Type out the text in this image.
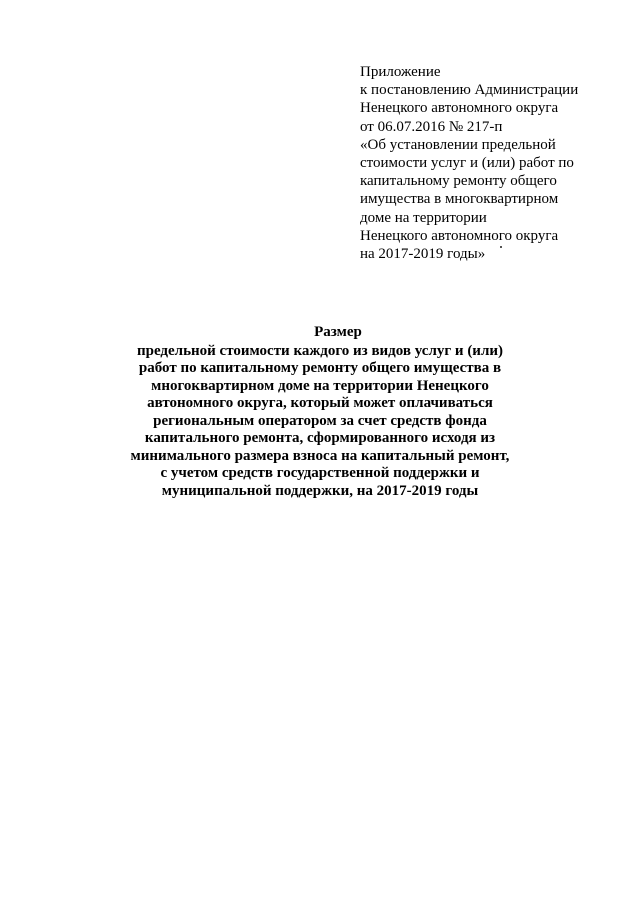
Приложение
к постановлению Администрации
Ненецкого автономного округа
от 06.07.2016 № 217-п
«Об установлении предельной
стоимости услуг и (или) работ по
капитальному ремонту общего
имущества в многоквартирном
доме на территории
Ненецкого автономного округа
на 2017-2019 годы»
Размер
предельной стоимости каждого из видов услуг и (или)
работ по капитальному ремонту общего имущества в
многоквартирном доме на территории Ненецкого
автономного округа, который может оплачиваться
региональным оператором за счет средств фонда
капитального ремонта, сформированного исходя из
минимального размера взноса на капитальный ремонт,
с учетом средств государственной поддержки и
муниципальной поддержки, на 2017-2019 годы
